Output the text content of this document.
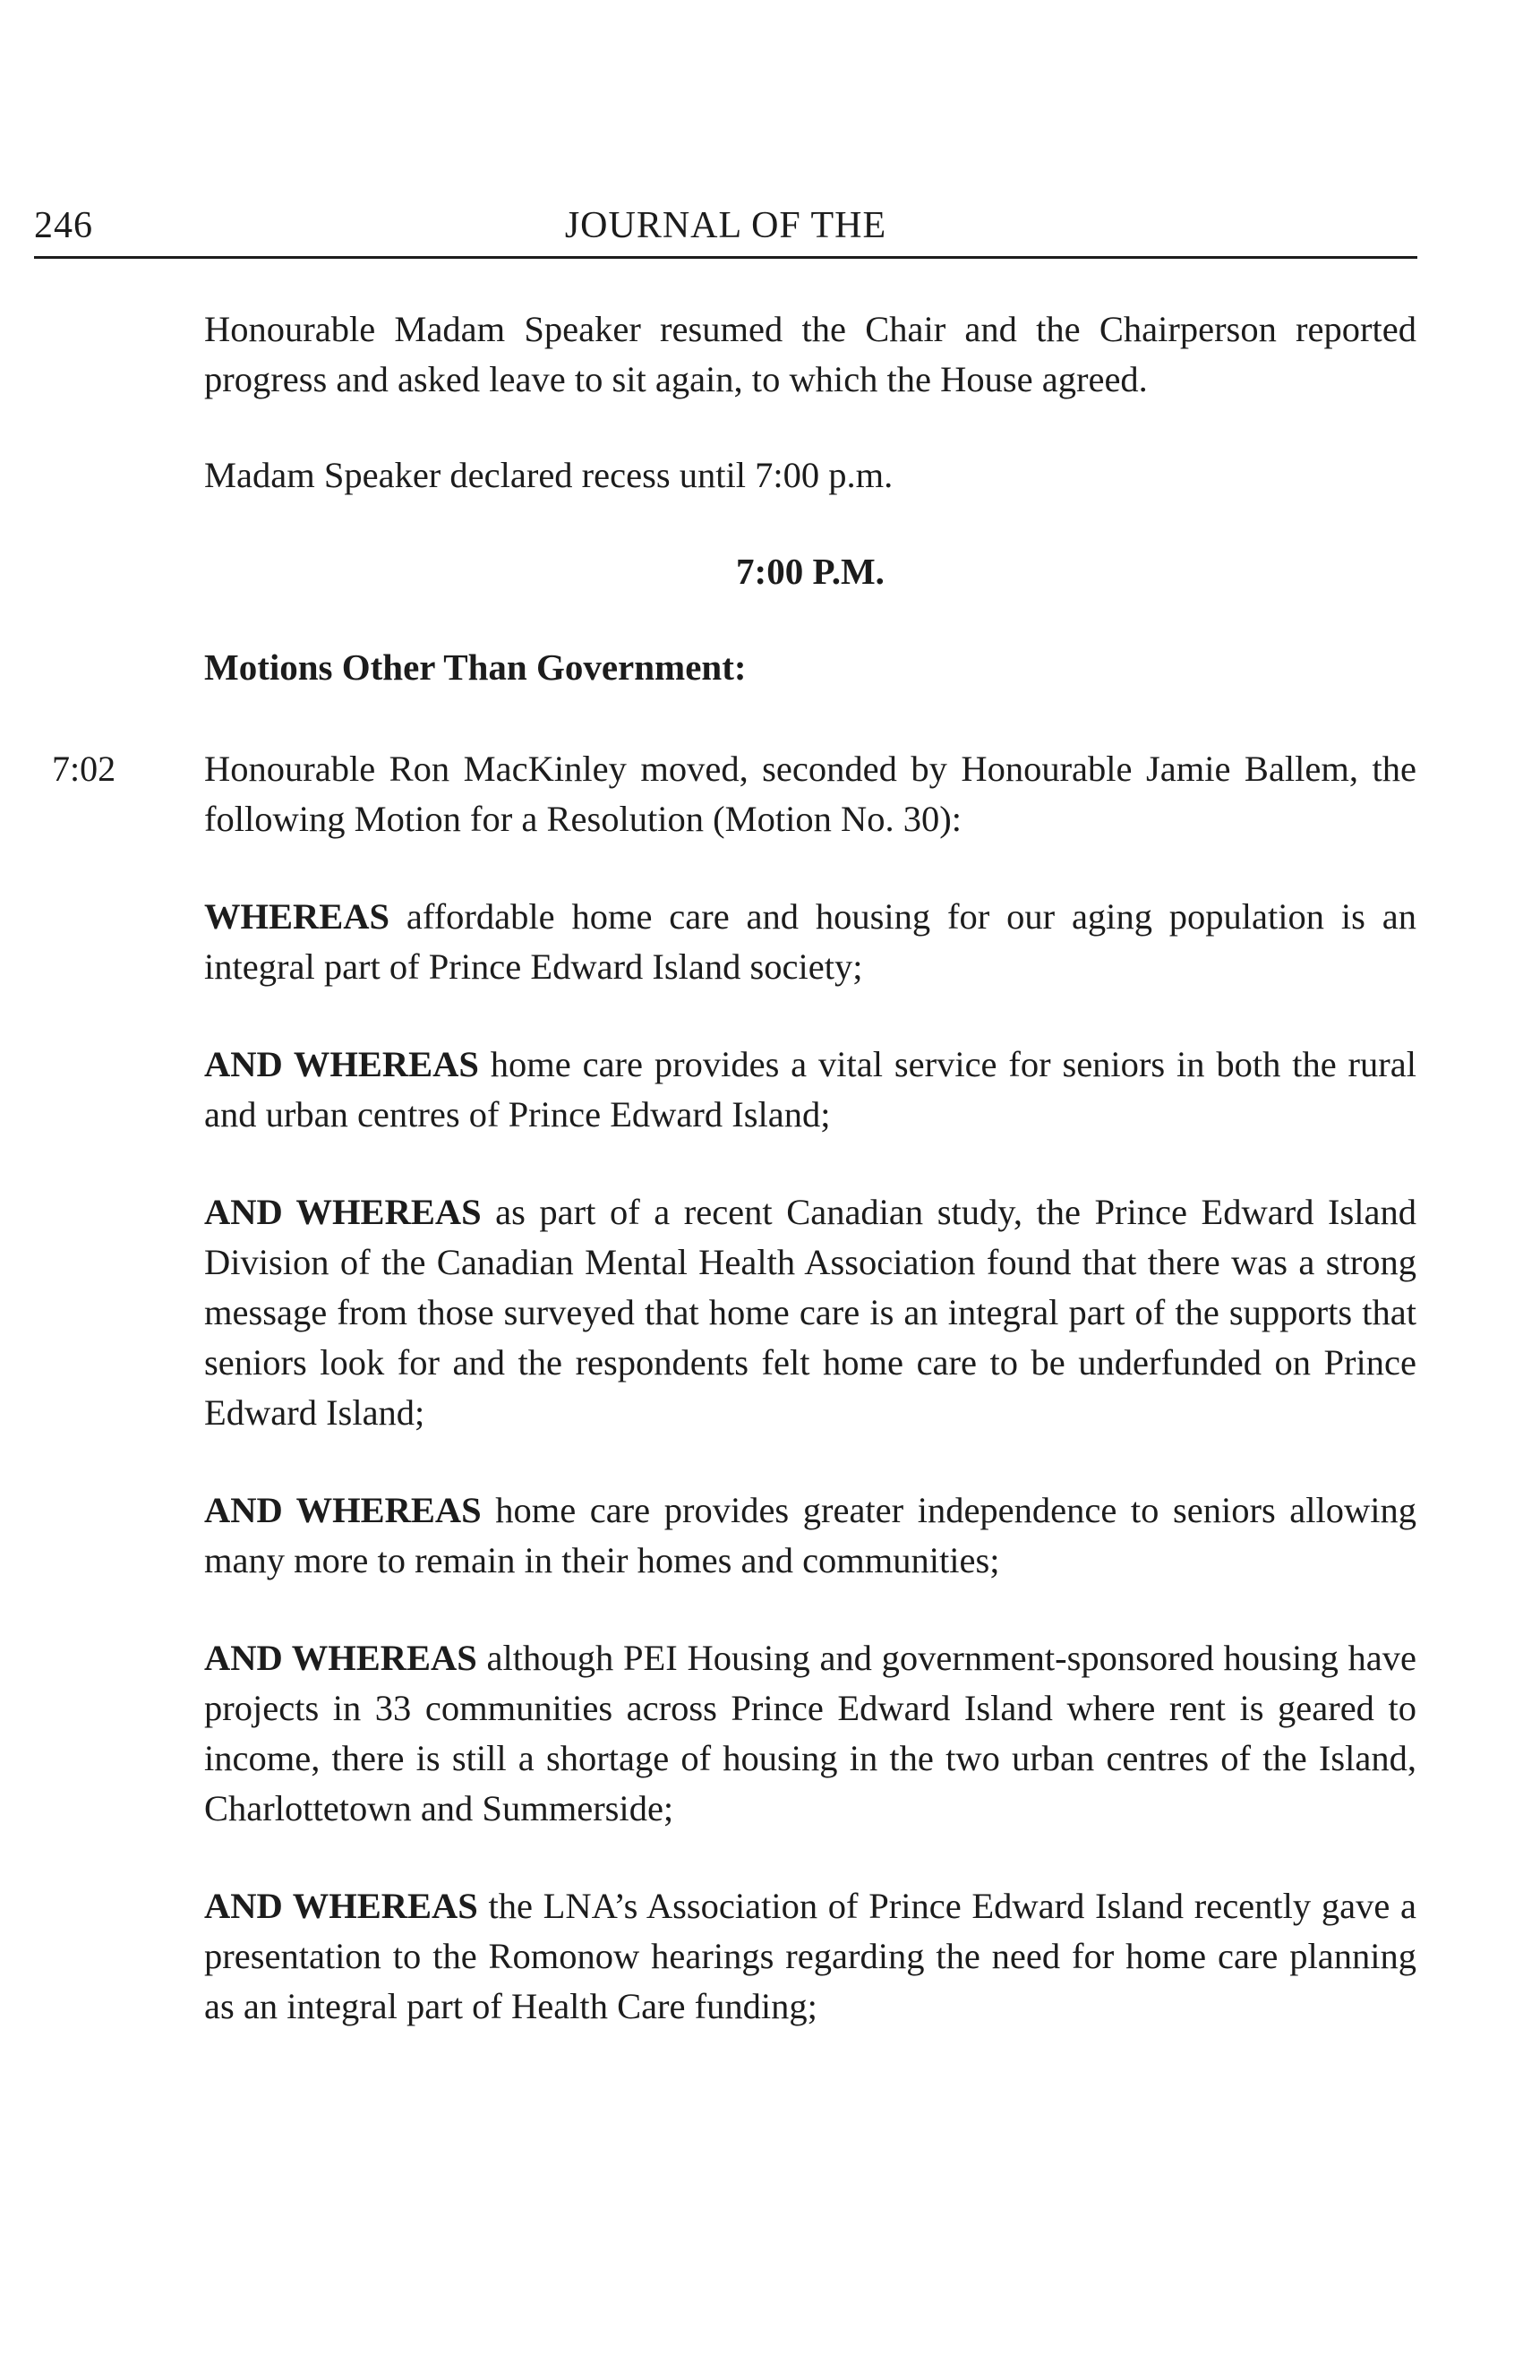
246	JOURNAL OF THE

Honourable Madam Speaker resumed the Chair and the Chairperson reported progress and asked leave to sit again, to which the House agreed.

Madam Speaker declared recess until 7:00 p.m.

7:00 P.M.

Motions Other Than Government:

7:02 Honourable Ron MacKinley moved, seconded by Honourable Jamie Ballem, the following Motion for a Resolution (Motion No. 30):

WHEREAS affordable home care and housing for our aging population is an integral part of Prince Edward Island society;

AND WHEREAS home care provides a vital service for seniors in both the rural and urban centres of Prince Edward Island;

AND WHEREAS as part of a recent Canadian study, the Prince Edward Island Division of the Canadian Mental Health Association found that there was a strong message from those surveyed that home care is an integral part of the supports that seniors look for and the respondents felt home care to be underfunded on Prince Edward Island;

AND WHEREAS home care provides greater independence to seniors allowing many more to remain in their homes and communities;

AND WHEREAS although PEI Housing and government-sponsored housing have projects in 33 communities across Prince Edward Island where rent is geared to income, there is still a shortage of housing in the two urban centres of the Island, Charlottetown and Summerside;

AND WHEREAS the LNA’s Association of Prince Edward Island recently gave a presentation to the Romonow hearings regarding the need for home care planning as an integral part of Health Care funding;
